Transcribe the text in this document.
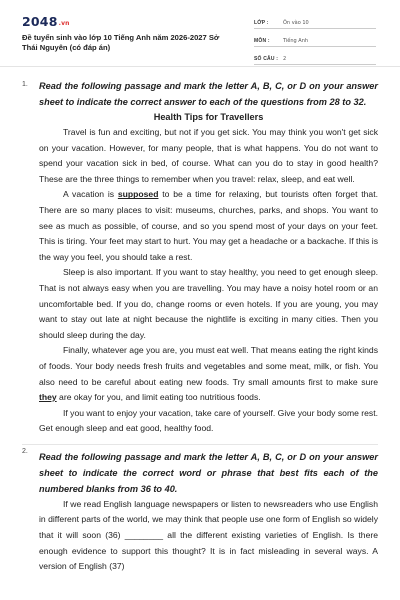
2048.vn
Đề tuyển sinh vào lớp 10 Tiếng Anh năm 2026-2027 Sở Thái Nguyên (có đáp án)
LỚP :	Ôn vào 10
MÔN :	Tiếng Anh
SỐ CÂU : 2
1. Read the following passage and mark the letter A, B, C, or D on your answer sheet to indicate the correct answer to each of the questions from 28 to 32.

Health Tips for Travellers

Travel is fun and exciting, but not if you get sick. You may think you won't get sick on your vacation. However, for many people, that is what happens. You do not want to spend your vacation sick in bed, of course. What can you do to stay in good health? These are the three things to remember when you travel: relax, sleep, and eat well.

A vacation is supposed to be a time for relaxing, but tourists often forget that. There are so many places to visit: museums, churches, parks, and shops. You want to see as much as possible, of course, and so you spend most of your days on your feet. This is tiring. Your feet may start to hurt. You may get a headache or a backache. If this is the way you feel, you should take a rest.

Sleep is also important. If you want to stay healthy, you need to get enough sleep. That is not always easy when you are travelling. You may have a noisy hotel room or an uncomfortable bed. If you do, change rooms or even hotels. If you are young, you may want to stay out late at night because the nightlife is exciting in many cities. Then you should sleep during the day.

Finally, whatever age you are, you must eat well. That means eating the right kinds of foods. Your body needs fresh fruits and vegetables and some meat, milk, or fish. You also need to be careful about eating new foods. Try small amounts first to make sure they are okay for you, and limit eating too nutritious foods.

If you want to enjoy your vacation, take care of yourself. Give your body some rest. Get enough sleep and eat good, healthy food.

2.

Read the following passage and mark the letter A, B, C, or D on your answer sheet to indicate the correct word or phrase that best fits each of the numbered blanks from 36 to 40.

If we read English language newspapers or listen to newsreaders who use English in different parts of the world, we may think that people use one form of English so widely that it will soon (36) ________ all the different existing varieties of English. Is there enough evidence to support this thought? It is in fact misleading in several ways. A version of English (37)
